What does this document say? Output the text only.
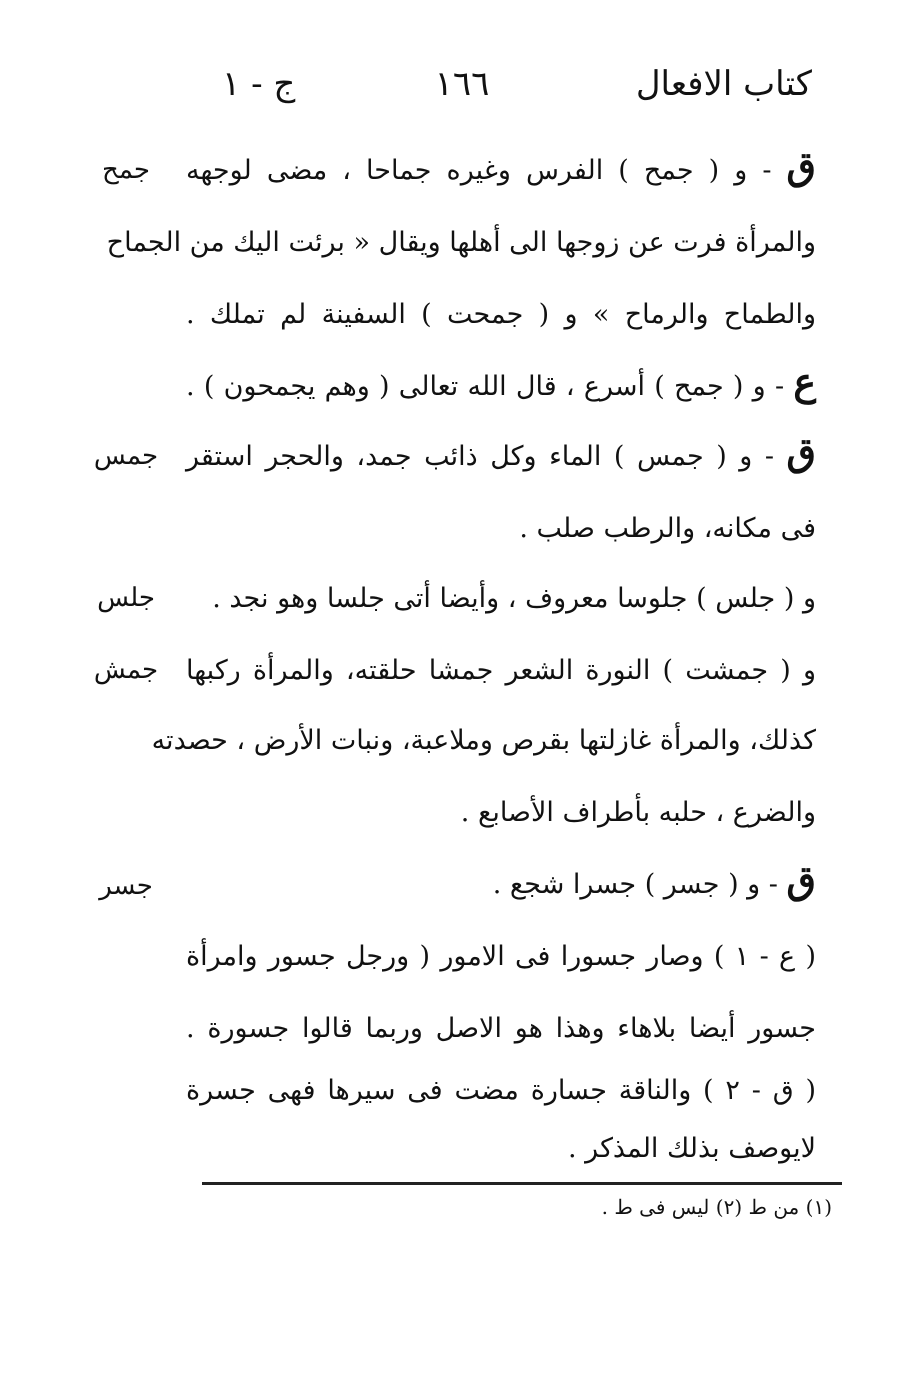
كتاب الافعال
١٦٦
ج - ١
جمح
جمس
جلس
جمش
جسر
ق - و ( جمح ) الفرس وغيره جماحا ، مضى لوجهه
والمرأة فرت عن زوجها الى أهلها ويقال « برئت اليك من الجماح
والطماح والرماح » و ( جمحت ) السفينة لم تملك .
ع - و ( جمح ) أسرع ، قال الله تعالى ( وهم يجمحون ) .
ق - و ( جمس ) الماء وكل ذائب جمد، والحجر استقر
فى مكانه، والرطب صلب .
و ( جلس ) جلوسا معروف ، وأيضا أتى جلسا وهو نجد .
و ( جمشت ) النورة الشعر جمشا حلقته، والمرأة ركبها
كذلك، والمرأة غازلتها بقرص وملاعبة، ونبات الأرض ، حصدته
والضرع ، حلبه بأطراف الأصابع .
ق - و ( جسر ) جسرا شجع .
( ع - ١ ) وصار جسورا فى الامور ( ورجل جسور وامرأة
جسور أيضا بلاهاء وهذا هو الاصل وربما قالوا جسورة .
( ق - ٢ ) والناقة جسارة مضت فى سيرها فهى جسرة
لايوصف بذلك المذكر .
(١) من ط (٢) ليس فى ط .
